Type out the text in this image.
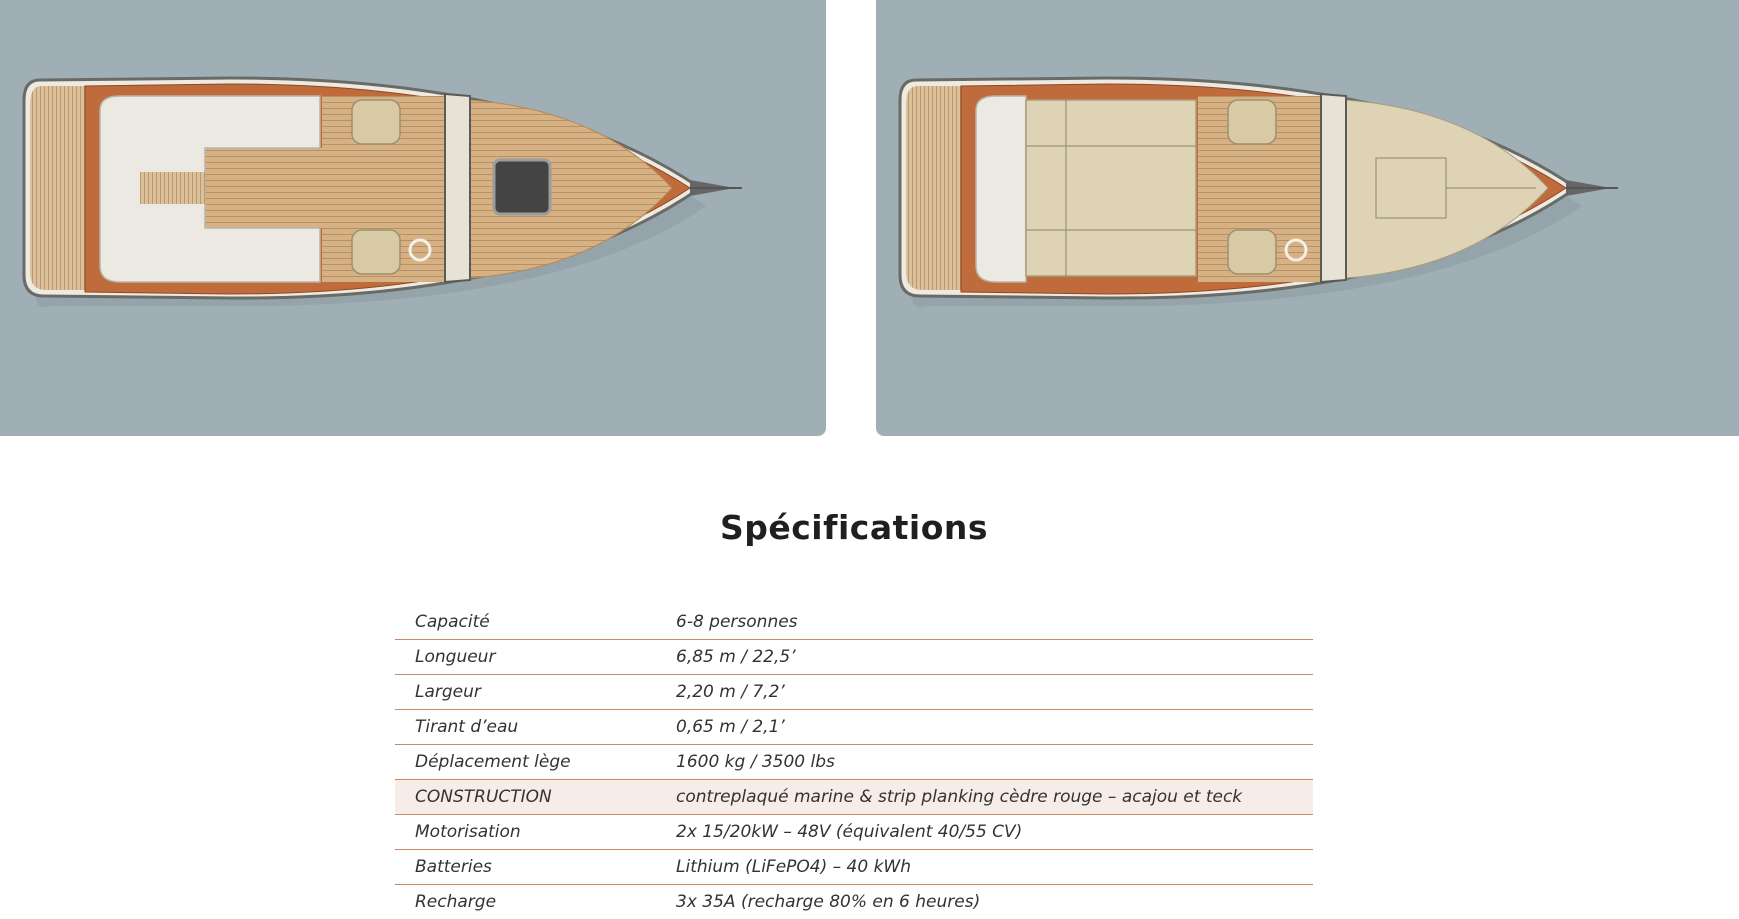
Spécifications
Capacité	6-8 personnes
Longueur	6,85 m / 22,5’
Largeur	2,20 m / 7,2’
Tirant d’eau	0,65 m / 2,1’
Déplacement lège	1600 kg / 3500 lbs
CONSTRUCTION	contreplaqué marine & strip planking cèdre rouge – acajou et teck
Motorisation	2x 15/20kW – 48V (équivalent 40/55 CV)
Batteries	Lithium (LiFePO4) – 40 kWh
Recharge	3x 35A (recharge 80% en 6 heures)
